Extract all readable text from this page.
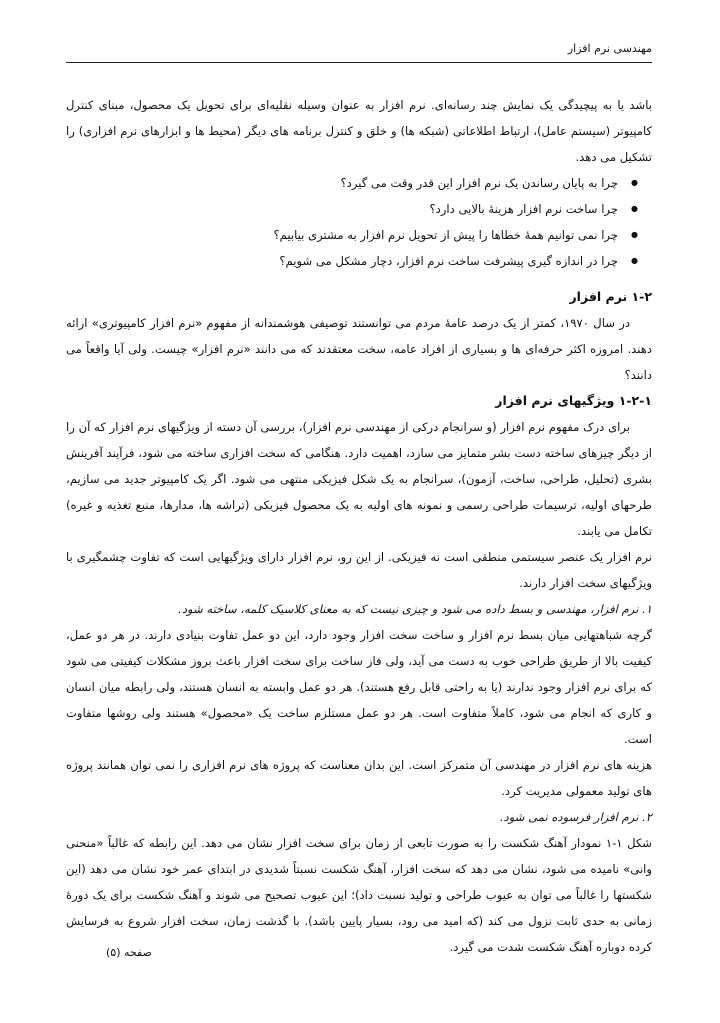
مهندسی نرم افزار

باشد یا به پیچیدگی یک نمایش چند رسانه‌ای. نرم افزار به عنوان وسیله نقلیه‌ای برای تحویل یک محصول، مبنای کنترل کامپیوتر (سیستم عامل)، ارتباط اطلاعاتی (شبکه ها) و خلق و کنترل برنامه های دیگر (محیط ها و ابزارهای نرم افزاری) را تشکیل می دهد.

● چرا به پایان رساندن یک نرم افزار این قدر وقت می گیرد؟
● چرا ساخت نرم افزار هزینهٔ بالایی دارد؟
● چرا نمی توانیم همهٔ خطاها را پیش از تحویل نرم افزار به مشتری بیابیم؟
● چرا در اندازه گیری پیشرفت ساخت نرم افزار، دچار مشکل می شویم؟
۱-۲ نرم افزار

در سال ۱۹۷۰، کمتر از یک درصد عامهٔ مردم می توانستند توصیفی هوشمندانه از مفهوم «نرم افزار کامپیوتری» ارائه دهند. امروزه اکثر حرفه‌ای ها و بسیاری از افراد عامه، سخت معتقدند که می دانند «نرم افزار» چیست. ولی آیا واقعاً می دانند؟

۱-۲-۱ ویژگیهای نرم افزار

برای درک مفهوم نرم افزار (و سرانجام درکی از مهندسی نرم افزار)، بررسی آن دسته از ویژگیهای نرم افزار که آن را از دیگر چیزهای ساخته دست بشر متمایز می سازد، اهمیت دارد. هنگامی که سخت افزاری ساخته می شود، فرآیند آفرینش بشری (تحلیل، طراحی، ساخت، آزمون)، سرانجام به یک شکل فیزیکی منتهی می شود. اگر یک کامپیوتر جدید می سازیم، طرحهای اولیه، ترسیمات طراحی رسمی و نمونه های اولیه به یک محصول فیزیکی (تراشه ها، مدارها، منبع تغذیه و غیره) تکامل می یابند.

نرم افزار یک عنصر سیستمی منطقی است نه فیزیکی. از این رو، نرم افزار دارای ویژگیهایی است که تفاوت چشمگیری با ویژگیهای سخت افزار دارند.

۱. نرم افزار، مهندسی و بسط داده می شود و چیزی نیست که به معنای کلاسیک کلمه، ساخته شود.

گرچه شباهتهایی میان بسط نرم افزار و ساخت سخت افزار وجود دارد، این دو عمل تفاوت بنیادی دارند. در هر دو عمل، کیفیت بالا از طریق طراحی خوب به دست می آید، ولی فاز ساخت برای سخت افزار باعث بروز مشکلات کیفیتی می شود که برای نرم افزار وجود ندارند (یا به راحتی قابل رفع هستند). هر دو عمل وابسته به انسان هستند، ولی رابطه میان انسان و کاری که انجام می شود، کاملاً متفاوت است. هر دو عمل مستلزم ساخت یک «محصول» هستند ولی روشها متفاوت است.

هزینه های نرم افزار در مهندسی آن متمرکز است. این بدان معناست که پروژه های نرم افزاری را نمی توان همانند پروژه های تولید معمولی مدیریت کرد.

۲. نرم افزار فرسوده نمی شود.

شکل ۱-۱ نمودار آهنگ شکست را به صورت تابعی از زمان برای سخت افزار نشان می دهد. این رابطه که غالباً «منحنی وانی» نامیده می شود، نشان می دهد که سخت افزار، آهنگ شکست نسبتاً شدیدی در ابتدای عمر خود نشان می دهد (این شکستها را غالباً می توان به عیوب طراحی و تولید نسبت داد)؛ این عیوب تصحیح می شوند و آهنگ شکست برای یک دورهٔ زمانی به حدی ثابت نزول می کند (که امید می رود، بسیار پایین باشد). با گذشت زمان، سخت افزار شروع به فرسایش کرده دوباره آهنگ شکست شدت می گیرد.

صفحه (۵)
